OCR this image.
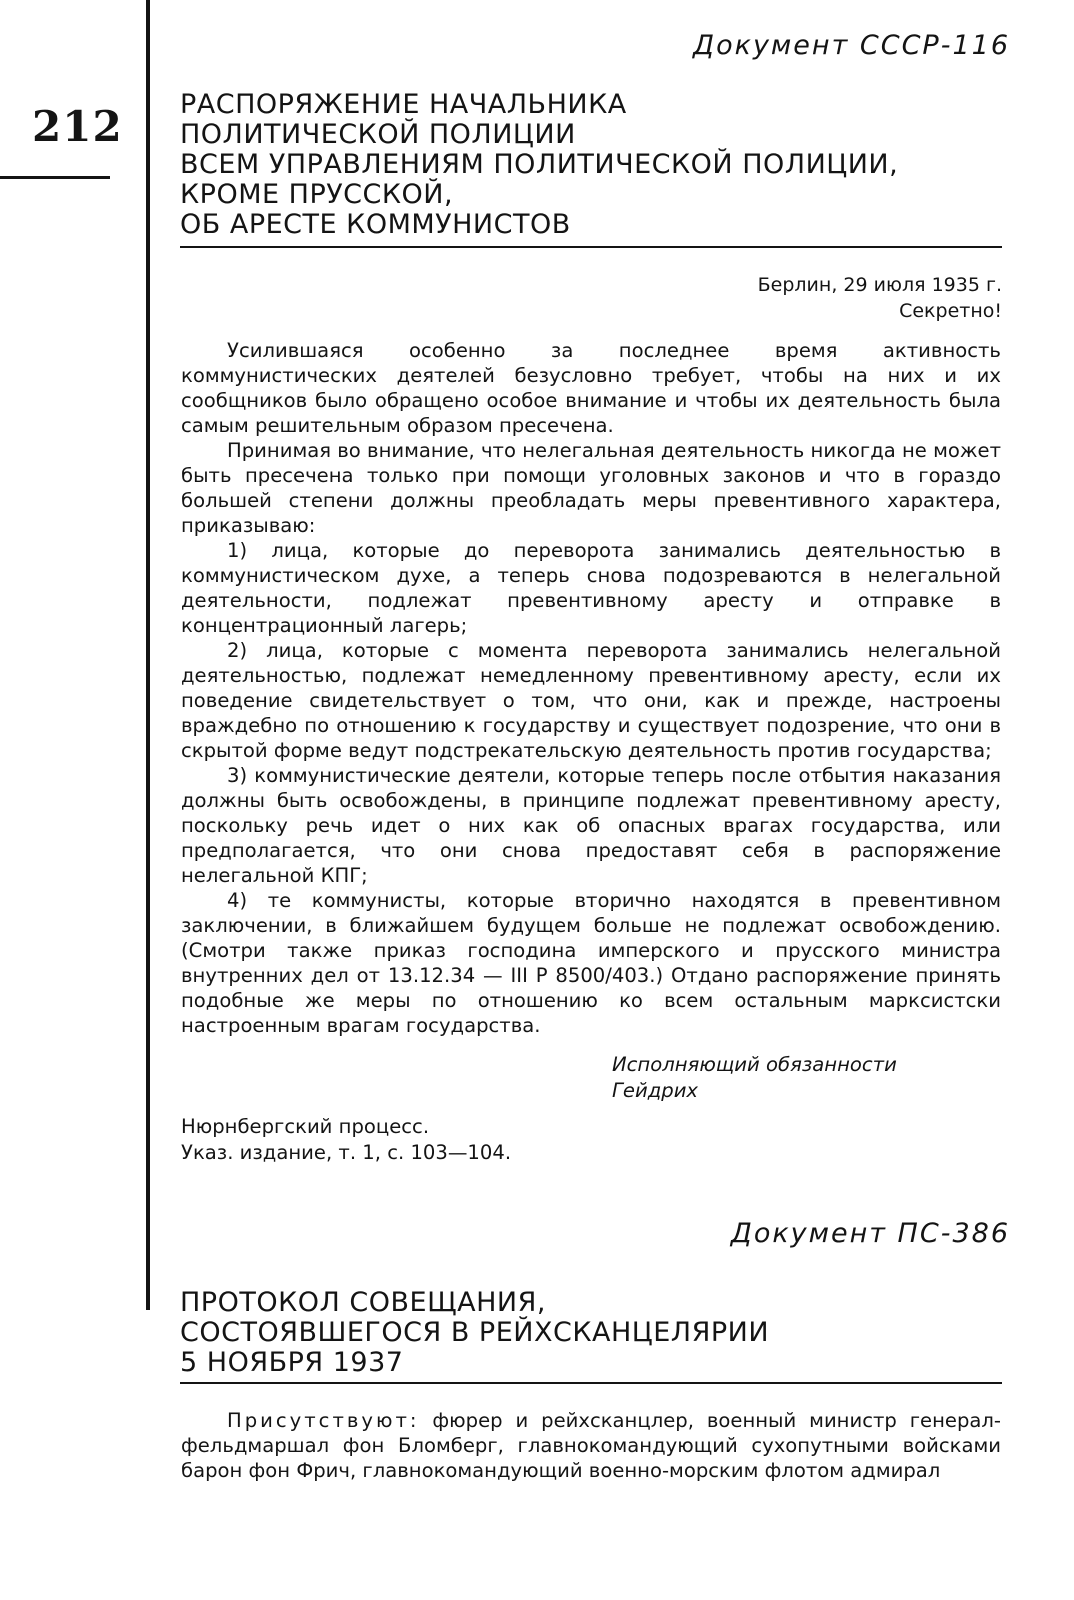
212

Документ СССР-116

РАСПОРЯЖЕНИЕ НАЧАЛЬНИКА
ПОЛИТИЧЕСКОЙ ПОЛИЦИИ
ВСЕМ УПРАВЛЕНИЯМ ПОЛИТИЧЕСКОЙ ПОЛИЦИИ,
КРОМЕ ПРУССКОЙ,
ОБ АРЕСТЕ КОММУНИСТОВ
Берлин, 29 июля 1935 г.
Секретно!

Усилившаяся особенно за последнее время активность коммунистических деятелей безусловно требует, чтобы на них и их сообщников было обращено особое внимание и чтобы их деятельность была самым решительным образом пресечена.

Принимая во внимание, что нелегальная деятельность никогда не может быть пресечена только при помощи уголовных законов и что в гораздо большей степени должны преобладать меры превентивного характера, приказываю:

1) лица, которые до переворота занимались деятельностью в коммунистическом духе, а теперь снова подозреваются в нелегальной деятельности, подлежат превентивному аресту и отправке в концентрационный лагерь;

2) лица, которые с момента переворота занимались нелегальной деятельностью, подлежат немедленному превентивному аресту, если их поведение свидетельствует о том, что они, как и прежде, настроены враждебно по отношению к государству и существует подозрение, что они в скрытой форме ведут подстрекательскую деятельность против государства;

3) коммунистические деятели, которые теперь после отбытия наказания должны быть освобождены, в принципе подлежат превентивному аресту, поскольку речь идет о них как об опасных врагах государства, или предполагается, что они снова предоставят себя в распоряжение нелегальной КПГ;

4) те коммунисты, которые вторично находятся в превентивном заключении, в ближайшем будущем больше не подлежат освобождению. (Смотри также приказ господина имперского и прусского министра внутренних дел от 13.12.34 — III Р 8500/403.) Отдано распоряжение принять подобные же меры по отношению ко всем остальным марксистски настроенным врагам государства.

Исполняющий обязанности
Гейдрих
Нюрнбергский процесс.
Указ. издание, т. 1, с. 103—104.

Документ ПС-386

ПРОТОКОЛ СОВЕЩАНИЯ,
СОСТОЯВШЕГОСЯ В РЕЙХСКАНЦЕЛЯРИИ
5 НОЯБРЯ 1937

Присутствуют: фюрер и рейхсканцлер, военный министр генерал-фельдмаршал фон Бломберг, главнокомандующий сухопутными войсками барон фон Фрич, главнокомандующий военно-морским флотом адмирал
